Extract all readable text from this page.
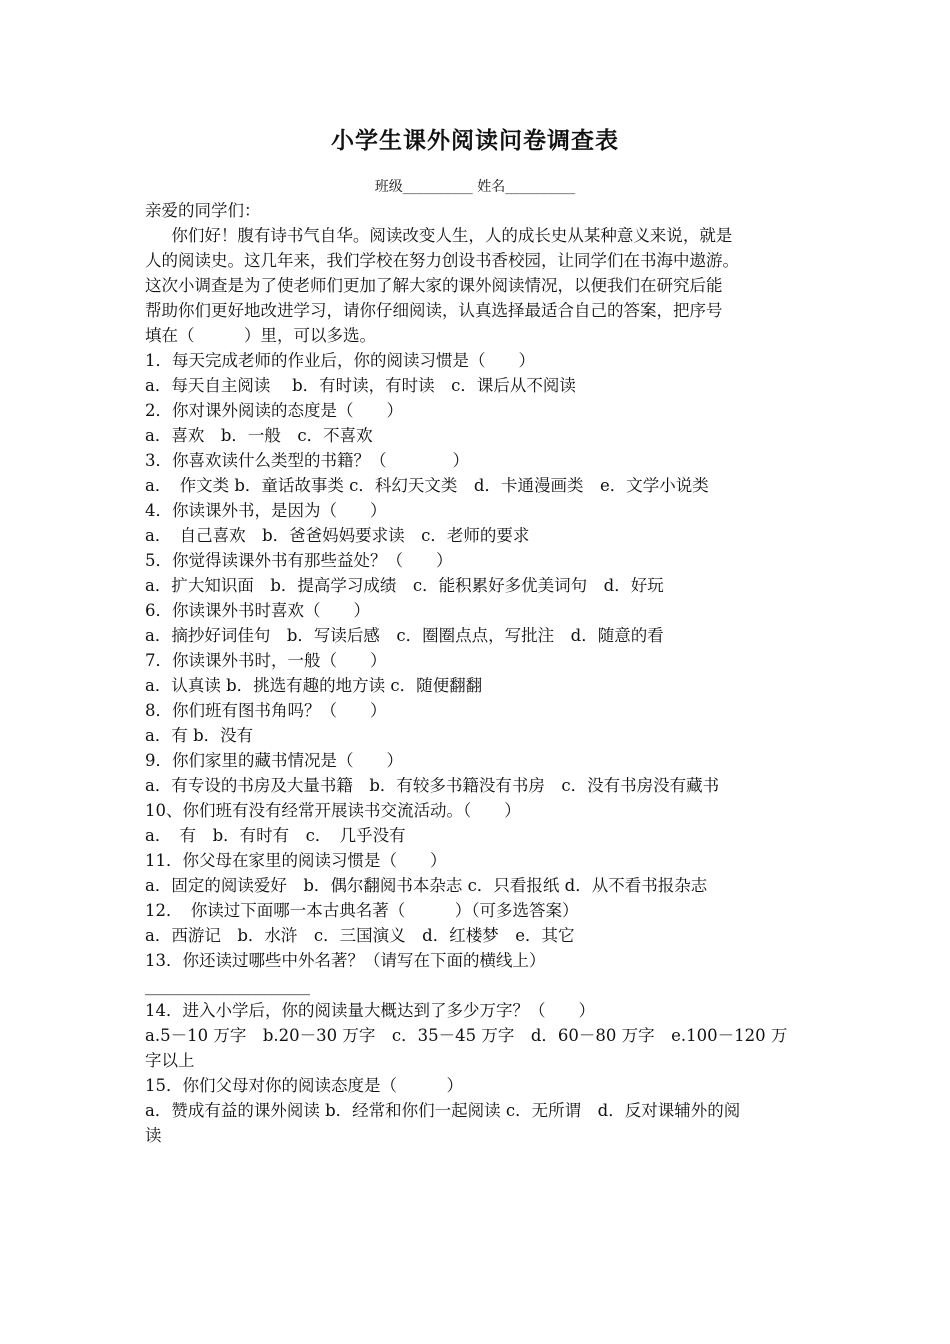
小学生课外阅读问卷调查表
班级__________ 姓名__________

亲爱的同学们：

你们好！腹有诗书气自华。阅读改变人生，人的成长史从某种意义来说，就是

人的阅读史。这几年来，我们学校在努力创设书香校园，让同学们在书海中遨游。

这次小调查是为了使老师们更加了解大家的课外阅读情况，以便我们在研究后能

帮助你们更好地改进学习，请你仔细阅读，认真选择最适合自己的答案，把序号

填在（　　　）里，可以多选。

1．每天完成老师的作业后，你的阅读习惯是（　　）

a．每天自主阅读　 b．有时读，有时读　c．课后从不阅读

2．你对课外阅读的态度是（　　）

a．喜欢　b．一般　c．不喜欢

3．你喜欢读什么类型的书籍？（　　　　）

a．　作文类 b．童话故事类 c．科幻天文类　d．卡通漫画类　e．文学小说类

4．你读课外书，是因为（　　）

a．　自己喜欢　b．爸爸妈妈要求读　c．老师的要求

5．你觉得读课外书有那些益处？（　　）

a．扩大知识面　b．提高学习成绩　c．能积累好多优美词句　d．好玩

6．你读课外书时喜欢（　　）

a．摘抄好词佳句　b．写读后感　c．圈圈点点，写批注　d．随意的看

7．你读课外书时，一般（　　）

a．认真读 b．挑选有趣的地方读 c．随便翻翻

8．你们班有图书角吗？（　　）

a．有 b．没有

9．你们家里的藏书情况是（　　）

a．有专设的书房及大量书籍　b．有较多书籍没有书房　c．没有书房没有藏书

10、你们班有没有经常开展读书交流活动。（　　）

a．　有　b．有时有　c．　几乎没有

11．你父母在家里的阅读习惯是（　　）

a．固定的阅读爱好　b．偶尔翻阅书本杂志 c．只看报纸 d．从不看书报杂志

12．　你读过下面哪一本古典名著（　　　）（可多选答案）

a．西游记　b．水浒　c．三国演义　d．红楼梦　e．其它

13．你还读过哪些中外名著？（请写在下面的横线上）

____________________

14．进入小学后，你的阅读量大概达到了多少万字？（　　）

a.5－10 万字　b.20－30 万字　c．35－45 万字　d．60－80 万字　e.100－120 万

字以上

15．你们父母对你的阅读态度是（　　　）

a．赞成有益的课外阅读 b．经常和你们一起阅读 c．无所谓　d．反对课辅外的阅

读
